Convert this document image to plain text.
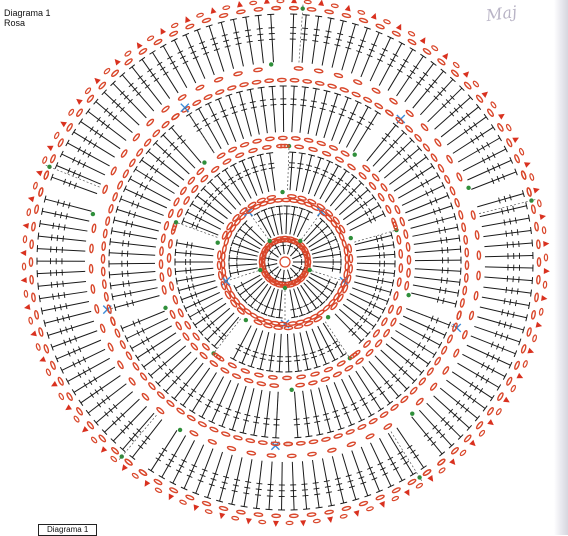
Diagrama 1
Rosa	Maj
Diagrama 1
